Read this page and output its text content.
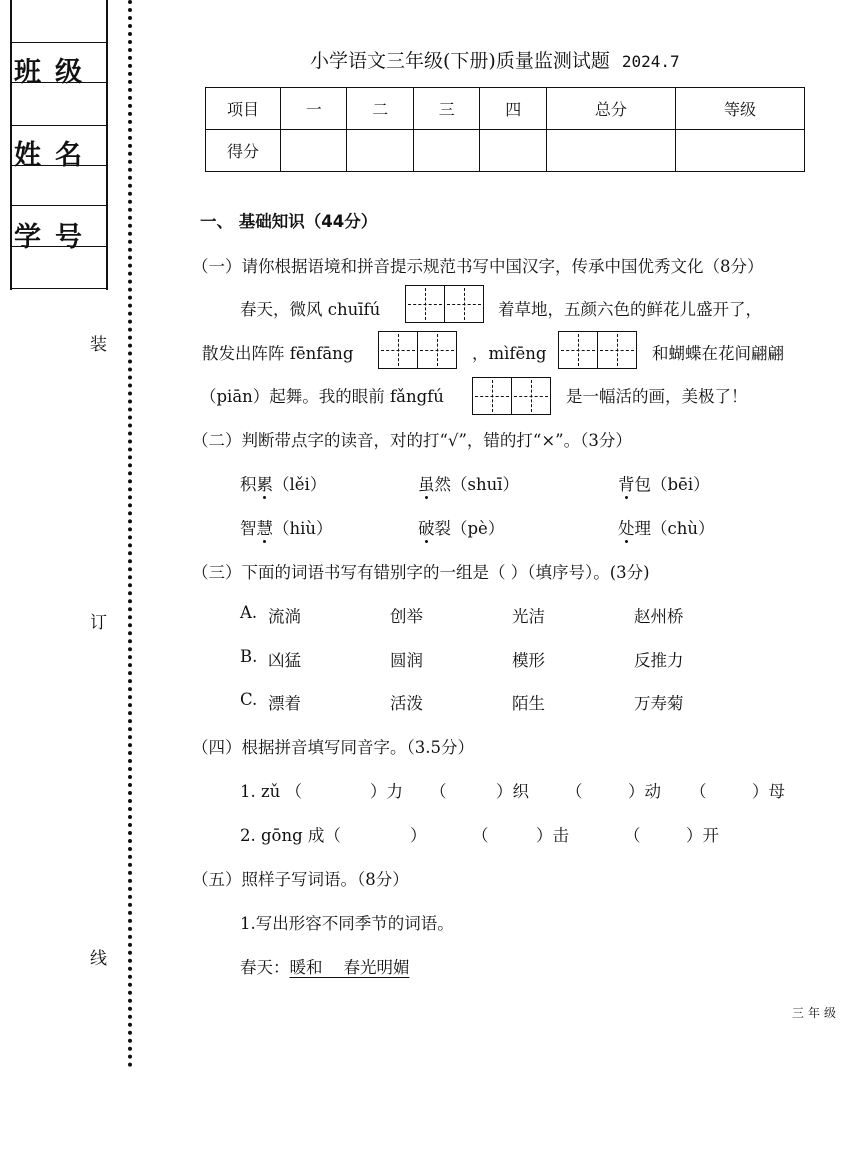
班级
姓名
学号
装
订
线
小学语文三年级(下册)质量监测试题 2024.7
项目	一	二	三	四	总分	等级
得分						
一、 基础知识（44分）
（一）请你根据语境和拼音提示规范书写中国汉字，传承中国优秀文化（8分）
春天，微风 chuīfú	着草地，五颜六色的鲜花儿盛开了，
散发出阵阵 fēnfāng	，mìfēng	和蝴蝶在花间翩翩
（piān）起舞。我的眼前 fǎngfú	是一幅活的画，美极了！
（二）判断带点字的读音，对的打“√”，错的打“×”。（3分）
积累（lěi）	虽然（shuī）	背包（bēi）
智慧（hiù）	破裂（pè）	处理（chù）
（三）下面的词语书写有错别字的一组是（ ）（填序号）。(3分)
A. 流淌	创举	光洁	赵州桥
B. 凶猛	圆润	模形	反推力
C. 漂着	活泼	陌生	万寿菊
（四）根据拼音填写同音字。（3.5分）
1. zǔ （	）力 （	）织 （	）动 （	）母
2. gōng 成（	）	（	）击	（	）开
（五）照样子写词语。（8分）
1.写出形容不同季节的词语。
春天：暖和    春光明媚
三年级
